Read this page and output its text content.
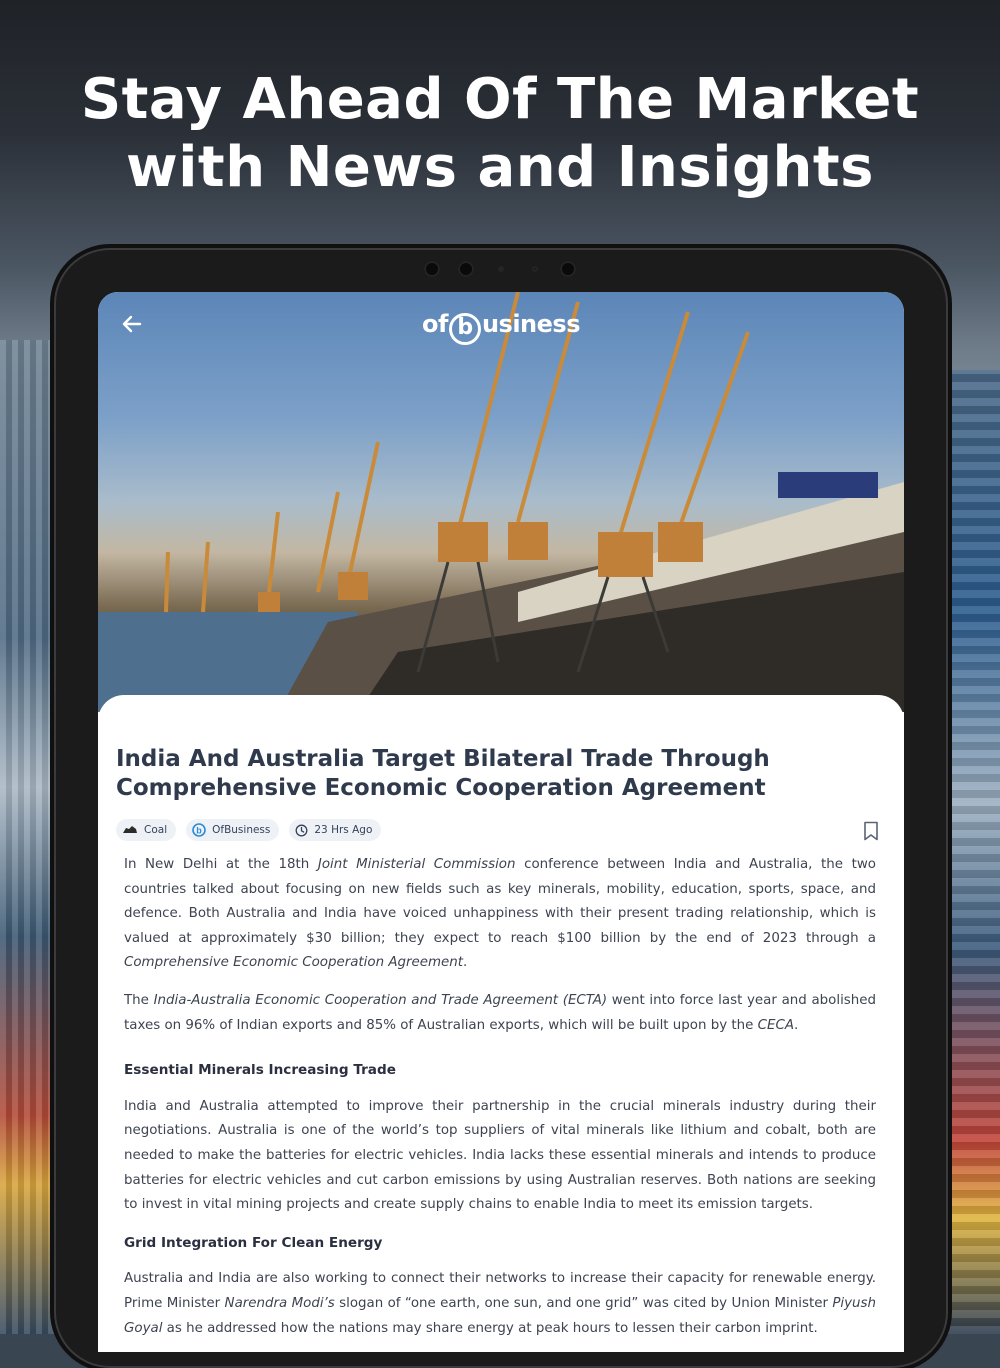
Stay Ahead Of The Market
with News and Insights
of b usiness
India And Australia Target Bilateral Trade Through
Comprehensive Economic Cooperation Agreement
Coal	b OfBusiness	23 Hrs Ago

In New Delhi at the 18th Joint Ministerial Commission conference between India and Australia, the two countries talked about focusing on new fields such as key minerals, mobility, education, sports, space, and defence. Both Australia and India have voiced unhappiness with their present trading relationship, which is valued at approximately $30 billion; they expect to reach $100 billion by the end of 2023 through a Comprehensive Economic Cooperation Agreement.

The India-Australia Economic Cooperation and Trade Agreement (ECTA) went into force last year and abolished taxes on 96% of Indian exports and 85% of Australian exports, which will be built upon by the CECA.

Essential Minerals Increasing Trade

India and Australia attempted to improve their partnership in the crucial minerals industry during their negotiations. Australia is one of the world’s top suppliers of vital minerals like lithium and cobalt, both are needed to make the batteries for electric vehicles. India lacks these essential minerals and intends to produce batteries for electric vehicles and cut carbon emissions by using Australian reserves. Both nations are seeking to invest in vital mining projects and create supply chains to enable India to meet its emission targets.

Grid Integration For Clean Energy

Australia and India are also working to connect their networks to increase their capacity for renewable energy. Prime Minister Narendra Modi’s slogan of “one earth, one sun, and one grid” was cited by Union Minister Piyush Goyal as he addressed how the nations may share energy at peak hours to lessen their carbon imprint.
